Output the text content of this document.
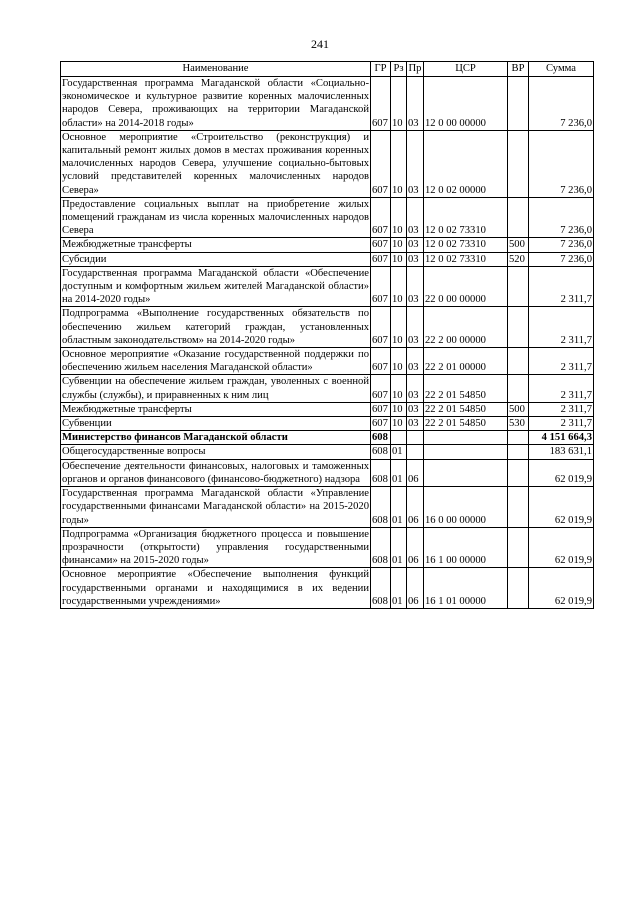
241
Наименование	ГР	Рз	Пр	ЦСР	ВР	Сумма
Государственная программа Магаданской области «Социально-экономическое и культурное развитие коренных малочисленных народов Севера, проживающих на территории Магаданской области» на 2014-2018 годы»	607	10	03	12 0 00 00000		7 236,0
Основное мероприятие «Строительство (реконструкция) и капитальный ремонт жилых домов в местах проживания коренных малочисленных народов Севера, улучшение социально-бытовых условий представителей коренных малочисленных народов Севера»	607	10	03	12 0 02 00000		7 236,0
Предоставление социальных выплат на приобретение жилых помещений гражданам из числа коренных малочисленных народов Севера	607	10	03	12 0 02 73310		7 236,0
Межбюджетные трансферты	607	10	03	12 0 02 73310	500	7 236,0
Субсидии	607	10	03	12 0 02 73310	520	7 236,0
Государственная программа Магаданской области «Обеспечение доступным и комфортным жильем жителей Магаданской области» на 2014-2020 годы»	607	10	03	22 0 00 00000		2 311,7
Подпрограмма «Выполнение государственных обязательств по обеспечению жильем категорий граждан, установленных областным законодательством» на 2014-2020 годы»	607	10	03	22 2 00 00000		2 311,7
Основное мероприятие «Оказание государственной поддержки по обеспечению жильем населения Магаданской области»	607	10	03	22 2 01 00000		2 311,7
Субвенции на обеспечение жильем граждан, уволенных с военной службы (службы), и приравненных к ним лиц	607	10	03	22 2 01 54850		2 311,7
Межбюджетные трансферты	607	10	03	22 2 01 54850	500	2 311,7
Субвенции	607	10	03	22 2 01 54850	530	2 311,7
Министерство финансов Магаданской области	608					4 151 664,3
Общегосударственные вопросы	608	01				183 631,1
Обеспечение деятельности финансовых, налоговых и таможенных органов и органов финансового (финансово-бюджетного) надзора	608	01	06			62 019,9
Государственная программа Магаданской области «Управление государственными финансами Магаданской области» на 2015-2020 годы»	608	01	06	16 0 00 00000		62 019,9
Подпрограмма «Организация бюджетного процесса и повышение прозрачности (открытости) управления государственными финансами» на 2015-2020 годы»	608	01	06	16 1 00 00000		62 019,9
Основное мероприятие «Обеспечение выполнения функций государственными органами и находящимися в их ведении государственными учреждениями»	608	01	06	16 1 01 00000		62 019,9
